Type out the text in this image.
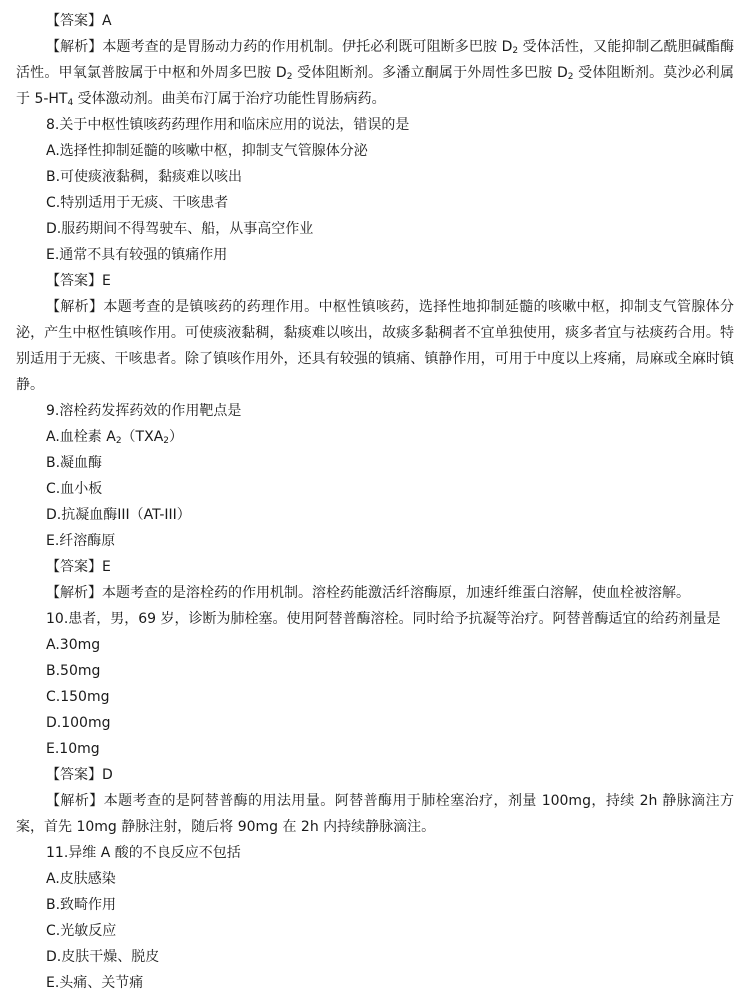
【答案】A
【解析】本题考查的是胃肠动力药的作用机制。伊托必利既可阻断多巴胺 $D_2$ 受体活性，又能抑制乙酰胆碱酯酶活性。甲氧氯普胺属于中枢和外周多巴胺 $D_2$ 受体阻断剂。多潘立酮属于外周性多巴胺 $D_2$ 受体阻断剂。莫沙必利属于 $5-HT_4$ 受体激动剂。曲美布汀属于治疗功能性胃肠病药。
8.关于中枢性镇咳药药理作用和临床应用的说法，错误的是
A.选择性抑制延髓的咳嗽中枢，抑制支气管腺体分泌
B.可使痰液黏稠，黏痰难以咳出
C.特别适用于无痰、干咳患者
D.服药期间不得驾驶车、船，从事高空作业
E.通常不具有较强的镇痛作用
【答案】E
【解析】本题考查的是镇咳药的药理作用。中枢性镇咳药，选择性地抑制延髓的咳嗽中枢，抑制支气管腺体分泌，产生中枢性镇咳作用。可使痰液黏稠，黏痰难以咳出，故痰多黏稠者不宜单独使用，痰多者宜与祛痰药合用。特别适用于无痰、干咳患者。除了镇咳作用外，还具有较强的镇痛、镇静作用，可用于中度以上疼痛，局麻或全麻时镇静。
9.溶栓药发挥药效的作用靶点是
A.血栓素 $A_2(TXA_2)$
B.凝血酶
C.血小板
D.抗凝血酶III（AT-III）
E.纤溶酶原
【答案】E
【解析】本题考查的是溶栓药的作用机制。溶栓药能激活纤溶酶原，加速纤维蛋白溶解，使血栓被溶解。
10.患者，男，69 岁，诊断为肺栓塞。使用阿替普酶溶栓。同时给予抗凝等治疗。阿替普酶适宜的给药剂量是
A.30mg
B.50mg
C.150mg
D.100mg
E.10mg
【答案】D
【解析】本题考查的是阿替普酶的用法用量。阿替普酶用于肺栓塞治疗，剂量 100mg，持续 2h 静脉滴注方案，首先 10mg 静脉注射，随后将 90mg 在 2h 内持续静脉滴注。
11.异维 A 酸的不良反应不包括
A.皮肤感染
B.致畸作用
C.光敏反应
D.皮肤干燥、脱皮
E.头痛、关节痛
